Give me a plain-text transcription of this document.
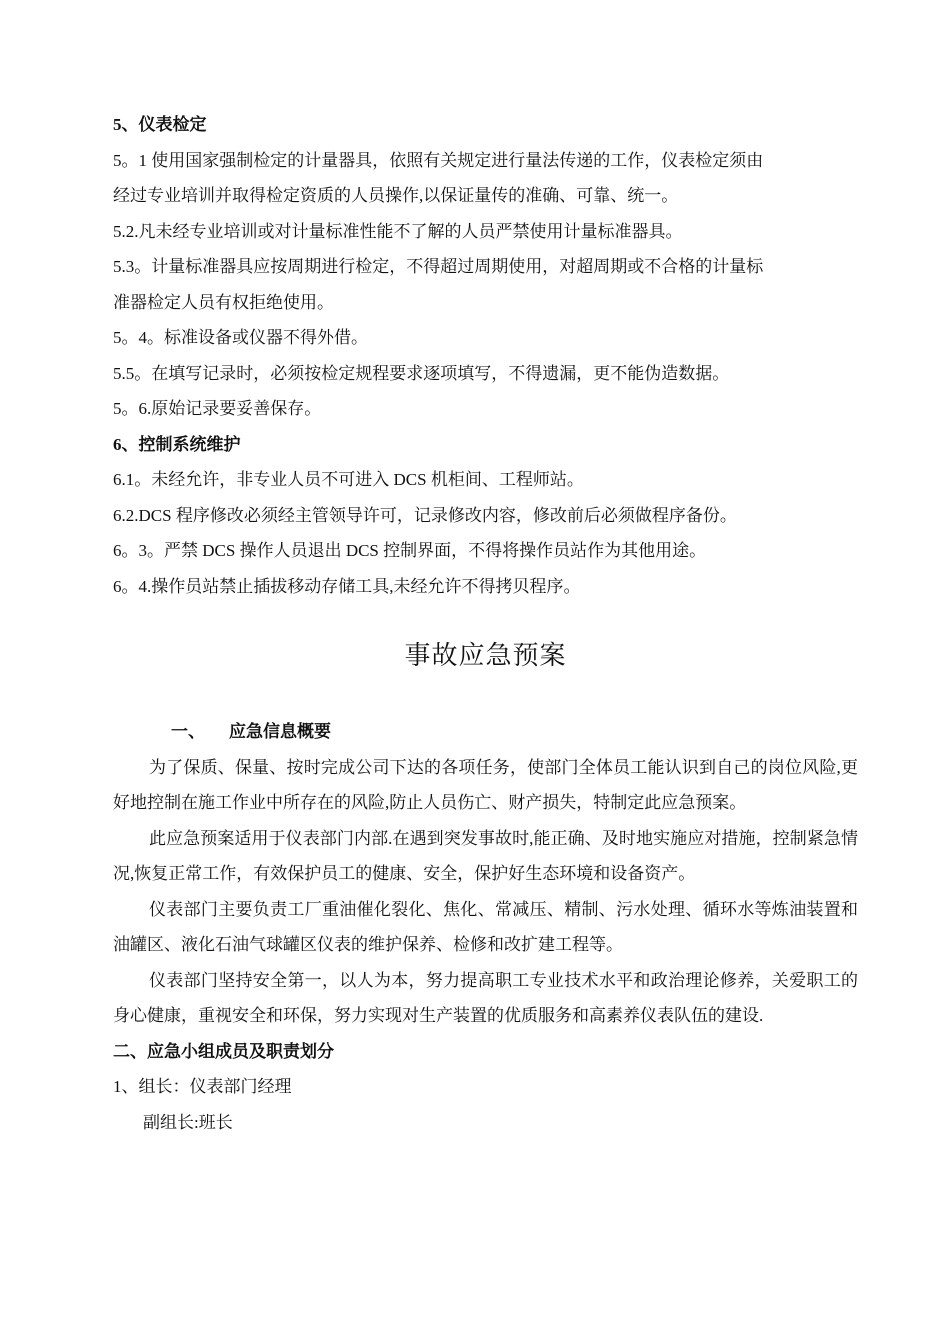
5、仪表检定
5。1 使用国家强制检定的计量器具，依照有关规定进行量法传递的工作，仪表检定须由
经过专业培训并取得检定资质的人员操作,以保证量传的准确、可靠、统一。
5.2.凡未经专业培训或对计量标准性能不了解的人员严禁使用计量标准器具。
5.3。计量标准器具应按周期进行检定，不得超过周期使用，对超周期或不合格的计量标
准器检定人员有权拒绝使用。
5。4。标准设备或仪器不得外借。
5.5。在填写记录时，必须按检定规程要求逐项填写，不得遗漏，更不能伪造数据。
5。6.原始记录要妥善保存。
6、控制系统维护
6.1。未经允许，非专业人员不可进入 DCS 机柜间、工程师站。
6.2.DCS 程序修改必须经主管领导许可，记录修改内容，修改前后必须做程序备份。
6。3。严禁 DCS 操作人员退出 DCS 控制界面，不得将操作员站作为其他用途。
6。4.操作员站禁止插拔移动存储工具,未经允许不得拷贝程序。
事故应急预案
一、 应急信息概要
为了保质、保量、按时完成公司下达的各项任务，使部门全体员工能认识到自己的岗位风险,更好地控制在施工作业中所存在的风险,防止人员伤亡、财产损失，特制定此应急预案。
此应急预案适用于仪表部门内部.在遇到突发事故时,能正确、及时地实施应对措施，控制紧急情况,恢复正常工作，有效保护员工的健康、安全，保护好生态环境和设备资产。
仪表部门主要负责工厂重油催化裂化、焦化、常减压、精制、污水处理、循环水等炼油装置和油罐区、液化石油气球罐区仪表的维护保养、检修和改扩建工程等。
仪表部门坚持安全第一，以人为本，努力提高职工专业技术水平和政治理论修养，关爱职工的身心健康，重视安全和环保，努力实现对生产装置的优质服务和高素养仪表队伍的建设.
二、应急小组成员及职责划分
1、组长：仪表部门经理
副组长:班长
